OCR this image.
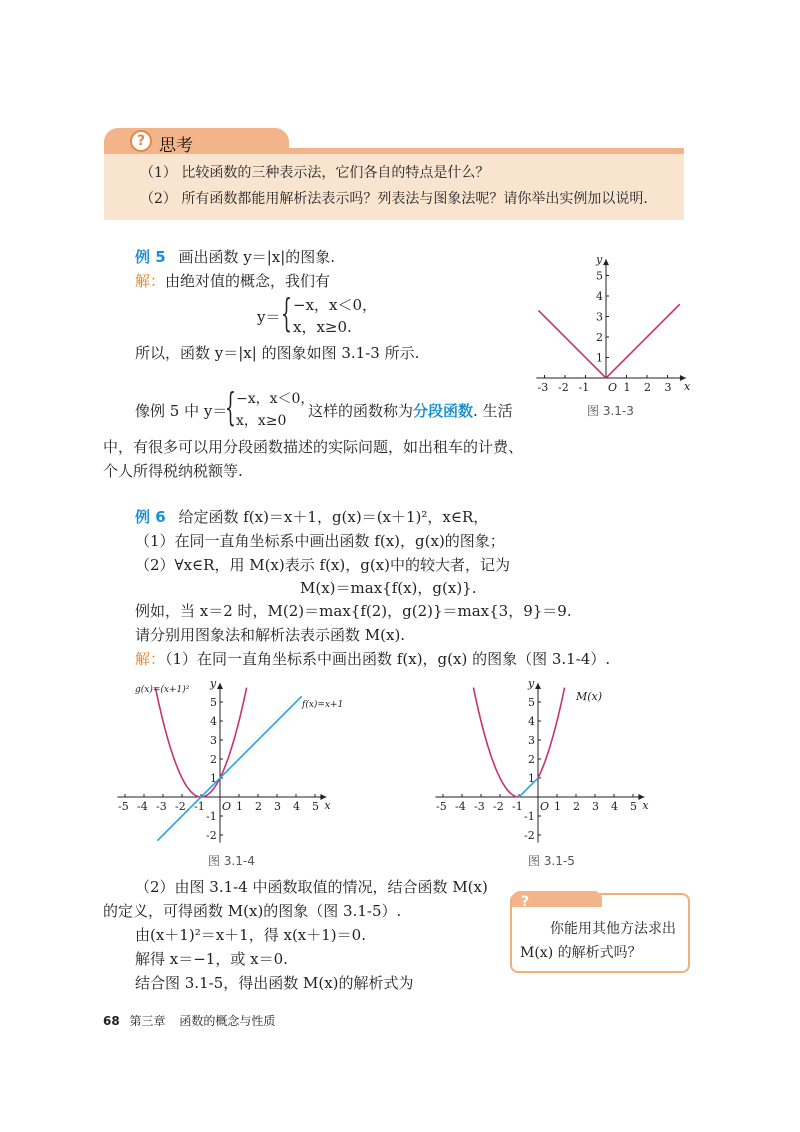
? 思考
（1） 比较函数的三种表示法，它们各自的特点是什么？
（2） 所有函数都能用解析法表示吗？列表法与图象法呢？请你举出实例加以说明.
例 5 画出函数 y＝|x|的图象.
解：由绝对值的概念，我们有
y＝ { −x，x＜0，
x，x≥0.
所以，函数 y＝|x| 的图象如图 3.1-3 所示.
-3 -2 -1	1 2 3
1
2
3
4
5
x
y
O
图 3.1-3
像例 5 中 y＝
{ −x，x＜0，
x，x≥0
这样的函数称为分段函数. 生活
中，有很多可以用分段函数描述的实际问题，如出租车的计费、
个人所得税纳税额等.
例 6 给定函数 f(x)＝x＋1，g(x)＝(x＋1)²，x∈R，
（1）在同一直角坐标系中画出函数 f(x)，g(x)的图象；
（2）∀x∈R，用 M(x)表示 f(x)，g(x)中的较大者，记为
M(x)＝max{f(x)，g(x)}.
例如，当 x＝2 时，M(2)＝max{f(2)，g(2)}＝max{3，9}＝9.
请分别用图象法和解析法表示函数 M(x).
解：（1）在同一直角坐标系中画出函数 f(x)，g(x) 的图象（图 3.1-4）.
-5 -4 -3 -2 -1	1 2 3 4 5
-2
-1
1
2
3
4
5
x
y
O
g(x)=(x+1)²
f(x)=x+1
图 3.1-4
-5 -4 -3 -2 -1	1 2 3 4 5
-2
-1
1
2
3
4
5
x
y
O
M(x)
图 3.1-5
（2）由图 3.1-4 中函数取值的情况，结合函数 M(x)
的定义，可得函数 M(x)的图象（图 3.1-5）.
由(x＋1)²＝x＋1，得 x(x＋1)＝0.
解得 x＝−1，或 x＝0.
结合图 3.1-5，得出函数 M(x)的解析式为
?
你能用其他方法求出
M(x) 的解析式吗？
68 第三章 函数的概念与性质
